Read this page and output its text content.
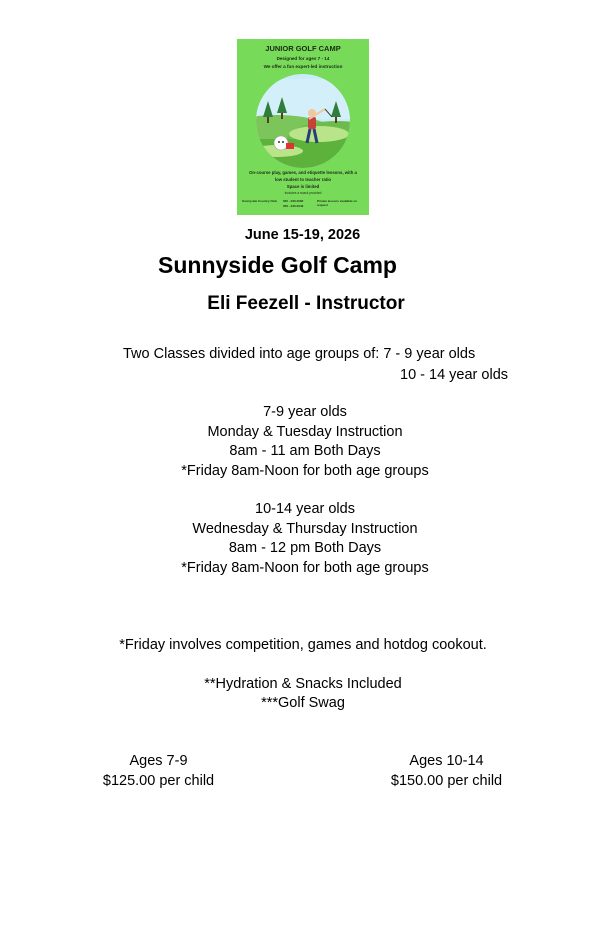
JUNIOR GOLF CAMP
Designed for ages 7 - 14
We offer a fun expert-led instruction
On-course play, games, and etiquette lessons, with a
low student to teacher ratio
Space is limited
Includes a snack provided
Sunnyside Country Club	000 - 230-0082
000 - 230-0049
Private lessons available on request
June 15-19, 2026
Sunnyside Golf Camp
Eli Feezell - Instructor
Two Classes divided into age groups of: 7 - 9 year olds
10 - 14 year olds
7-9 year olds
Monday & Tuesday Instruction
8am - 11 am Both Days
*Friday 8am-Noon for both age groups
10-14 year olds
Wednesday & Thursday Instruction
8am - 12 pm Both Days
*Friday 8am-Noon for both age groups
*Friday involves competition, games and hotdog cookout.
**Hydration & Snacks Included
***Golf Swag
Ages 7-9
$125.00 per child
Ages 10-14
$150.00 per child
